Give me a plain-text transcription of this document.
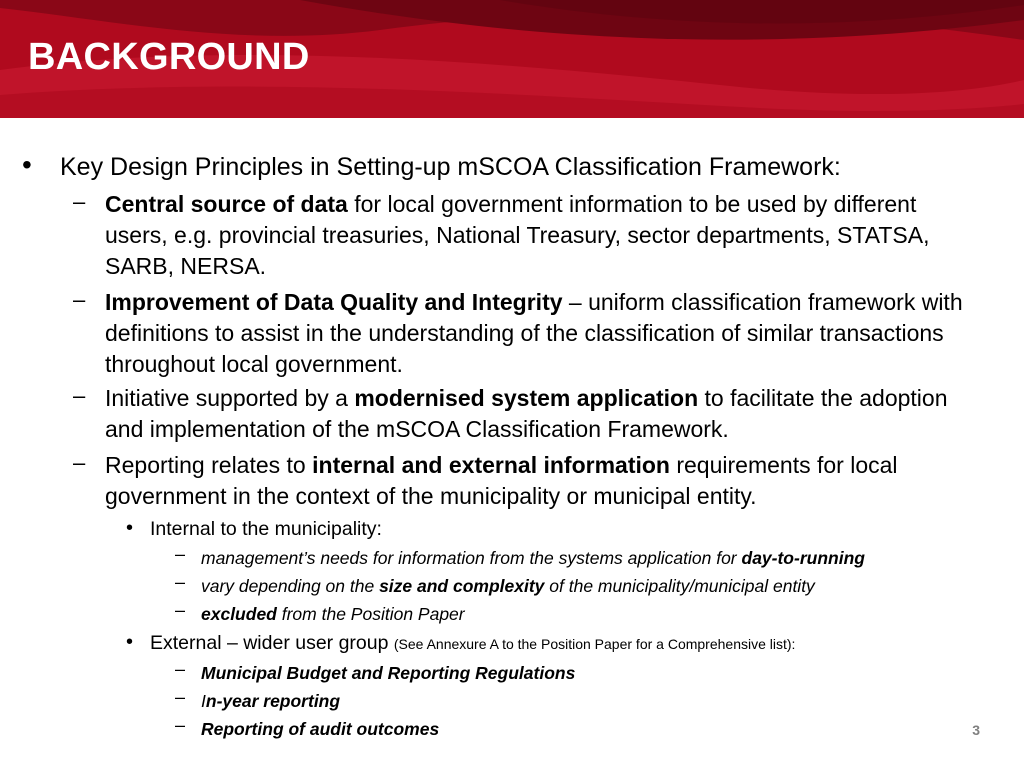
BACKGROUND
• Key Design Principles in Setting-up mSCOA Classification Framework:
– Central source of data for local government information to be used by different users, e.g. provincial treasuries, National Treasury, sector departments, STATSA, SARB, NERSA.
– Improvement of Data Quality and Integrity – uniform classification framework with definitions to assist in the understanding of the classification of similar transactions throughout local government.
– Initiative supported by a modernised system application to facilitate the adoption and implementation of the mSCOA Classification Framework.
– Reporting relates to internal and external information requirements for local government in the context of the municipality or municipal entity.
• Internal to the municipality:
– management’s needs for information from the systems application for day-to-running
– vary depending on the size and complexity of the municipality/municipal entity
– excluded from the Position Paper
• External – wider user group (See Annexure A to the Position Paper for a Comprehensive list):
– Municipal Budget and Reporting Regulations
– In-year reporting
– Reporting of audit outcomes	3
